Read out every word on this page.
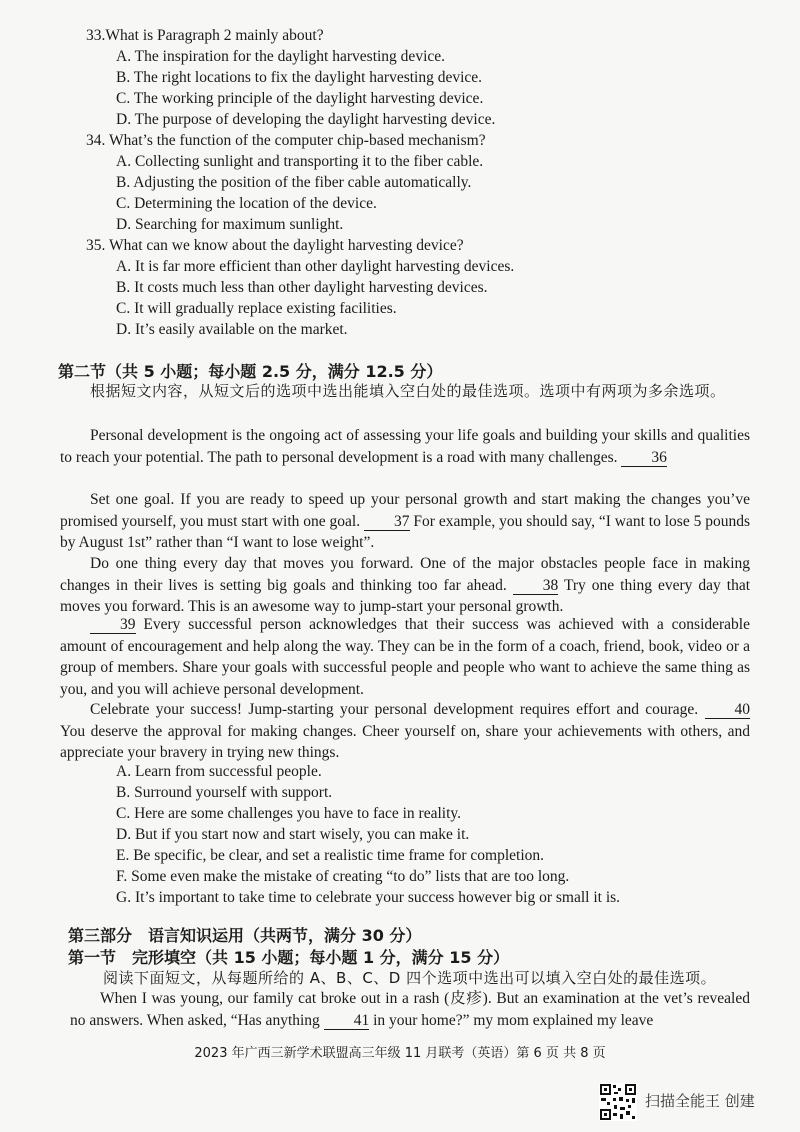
33.What is Paragraph 2 mainly about?
A. The inspiration for the daylight harvesting device.
B. The right locations to fix the daylight harvesting device.
C. The working principle of the daylight harvesting device.
D. The purpose of developing the daylight harvesting device.
34. What’s the function of the computer chip-based mechanism?
A. Collecting sunlight and transporting it to the fiber cable.
B. Adjusting the position of the fiber cable automatically.
C. Determining the location of the device.
D. Searching for maximum sunlight.
35. What can we know about the daylight harvesting device?
A. It is far more efficient than other daylight harvesting devices.
B. It costs much less than other daylight harvesting devices.
C. It will gradually replace existing facilities.
D. It’s easily available on the market.
第二节（共 5 小题；每小题 2.5 分，满分 12.5 分）
根据短文内容，从短文后的选项中选出能填入空白处的最佳选项。选项中有两项为多余选项。
Personal development is the ongoing act of assessing your life goals and building your skills and qualities to reach your potential. The path to personal development is a road with many challenges. 36
Set one goal. If you are ready to speed up your personal growth and start making the changes you’ve promised yourself, you must start with one goal. 37 For example, you should say, “I want to lose 5 pounds by August 1st” rather than “I want to lose weight”.
Do one thing every day that moves you forward. One of the major obstacles people face in making changes in their lives is setting big goals and thinking too far ahead. 38 Try one thing every day that moves you forward. This is an awesome way to jump-start your personal growth.
39 Every successful person acknowledges that their success was achieved with a considerable amount of encouragement and help along the way. They can be in the form of a coach, friend, book, video or a group of members. Share your goals with successful people and people who want to achieve the same thing as you, and you will achieve personal development.
Celebrate your success! Jump-starting your personal development requires effort and courage. 40 You deserve the approval for making changes. Cheer yourself on, share your achievements with others, and appreciate your bravery in trying new things.
A. Learn from successful people.
B. Surround yourself with support.
C. Here are some challenges you have to face in reality.
D. But if you start now and start wisely, you can make it.
E. Be specific, be clear, and set a realistic time frame for completion.
F. Some even make the mistake of creating “to do” lists that are too long.
G. It’s important to take time to celebrate your success however big or small it is.
第三部分　语言知识运用（共两节，满分 30 分）
第一节　完形填空（共 15 小题；每小题 1 分，满分 15 分）
阅读下面短文，从每题所给的 A、B、C、D 四个选项中选出可以填入空白处的最佳选项。
When I was young, our family cat broke out in a rash (皮疹). But an examination at the vet’s revealed no answers. When asked, “Has anything 41 in your home?” my mom explained my leave
2023 年广西三新学术联盟高三年级 11 月联考（英语）第 6 页 共 8 页
扫描全能王 创建
